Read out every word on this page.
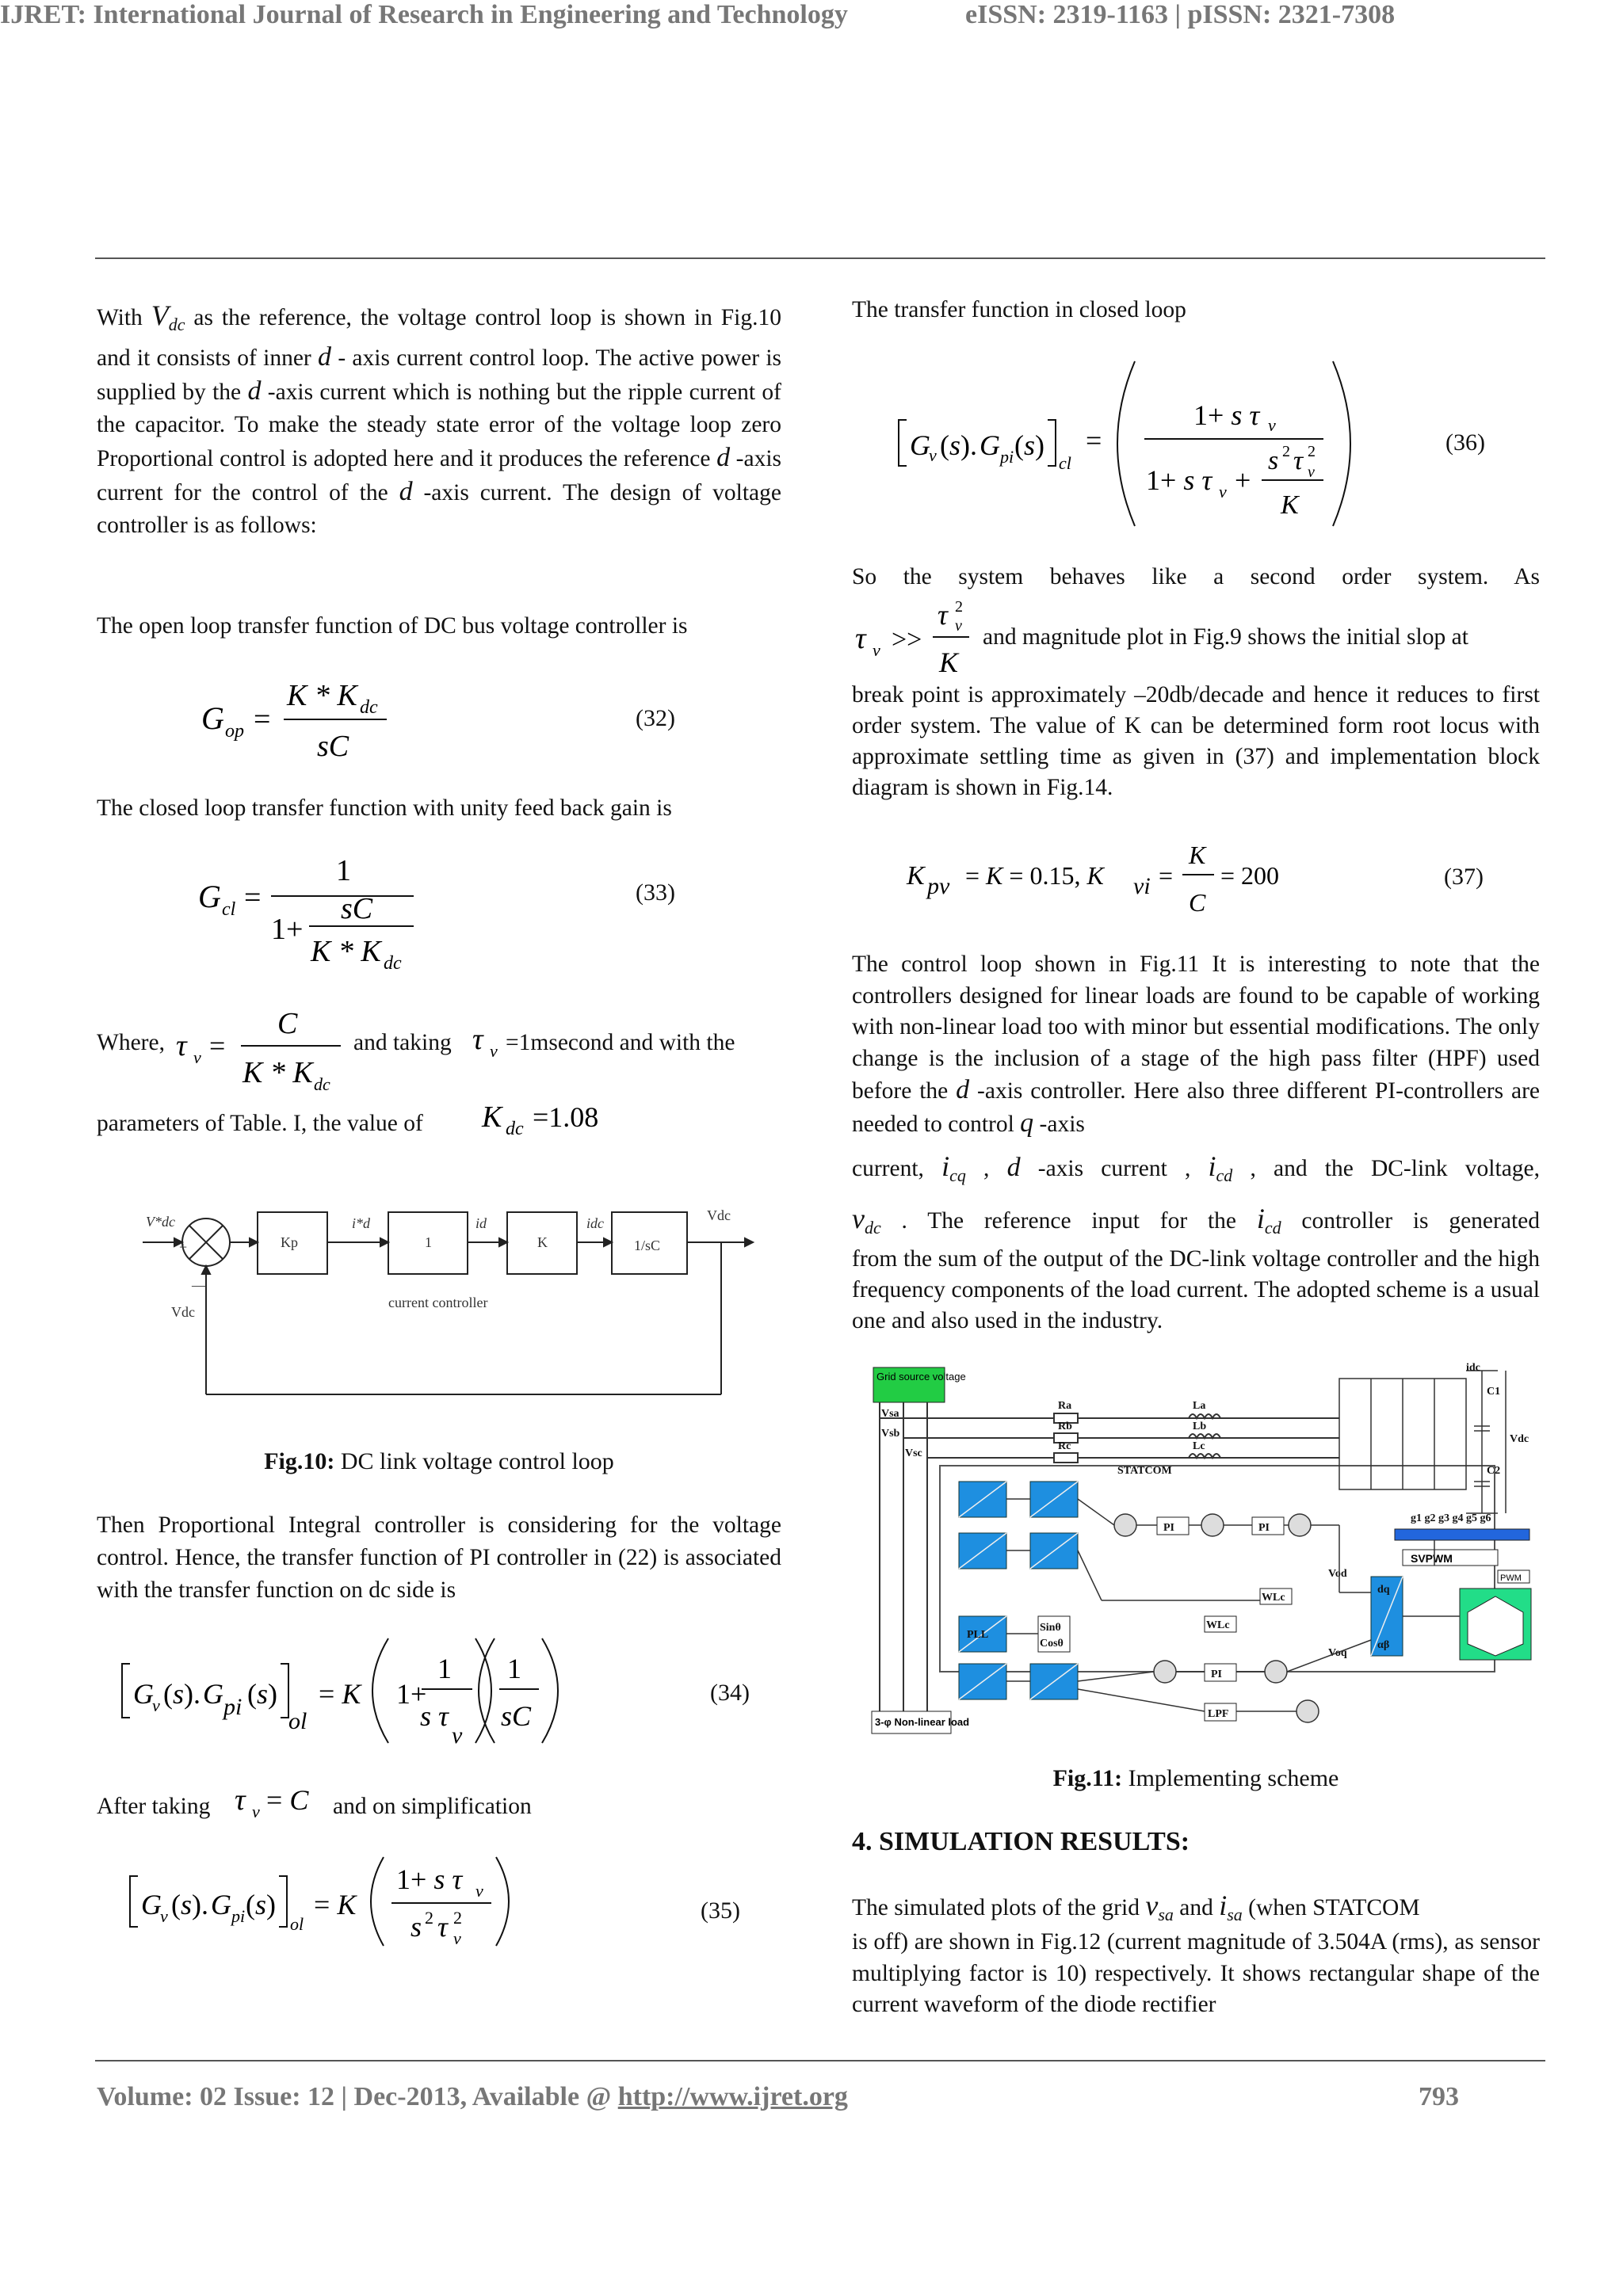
IJRET: International Journal of Research in Engineering and Technology	eISSN: 2319-1163 | pISSN: 2321-7308

With $V_{dc}$ as the reference, the voltage control loop is shown in Fig.10 and it consists of inner d - axis current control loop. The active power is supplied by the d -axis current which is nothing but the ripple current of the capacitor. To make the steady state error of the voltage loop zero Proportional control is adopted here and it produces the reference d -axis current for the control of the d -axis current. The design of voltage controller is as follows:

The open loop transfer function of DC bus voltage controller is

G op =
K * K dc
sC
(32)

The closed loop transfer function with unity feed back gain is

G cl =
1
1+
sC
K * K dc
(33)
Where, τ v =
C
K * K dc
and taking τ v =1msecond and with the
parameters of Table. I, the value of K dc =1.08
V*dc
+
—
Kp	1	K	1/sC
i*d	id	idc	Vdc
Vdc
current controller
Fig.10: DC link voltage control loop

Then Proportional Integral controller is considering for the voltage control. Hence, the transfer function of PI controller in (22) is associated with the transfer function on dc side is

G
v (s). G pi (s)
ol
= K 1+
1
s τ
v
1
sC
(34)
After taking τ v = C and on simplification
G
v (s). G pi (s)
ol
= K
1+ s τ v
s 2 τ 2
v
(35)

The transfer function in closed loop

G
v (s). G pi (s)
cl
=
1+ s τ v
1+ s τ v +
s 2 τ 2
v
K
(36)

So the system behaves like a second order system. As

τ v >>
τ 2
v
K
and magnitude plot in Fig.9 shows the initial slop at

break point is approximately –20db/decade and hence it reduces to first order system. The value of K can be determined form root locus with approximate settling time as given in (37) and implementation block diagram is shown in Fig.14.

K pv = K = 0.15, K vi =
K
C
= 200	(37)

The control loop shown in Fig.11 It is interesting to note that the controllers designed for linear loads are found to be capable of working with non-linear load too with minor but essential modifications. The only change is the inclusion of a stage of the high pass filter (HPF) used before the d -axis controller. Here also three different PI-controllers are needed to control q -axis

current, $i_{cq}$ , d -axis current , $i_{cd}$ , and the DC-link voltage,

$v_{dc}$ . The reference input for the $i_{cd}$ controller is generated

from the sum of the output of the DC-link voltage controller and the high frequency components of the load current. The adopted scheme is a usual one and also used in the industry.

Grid source voltage
Vsa
Vsb
Vsc
Ra
Rb
Rc
La
Lb
Lc
STATCOM
C1
C2
idc
Vdc
g1 g2 g3 g4 g5 g6
SVPWM
PWM
dq
αβ
PI	PI
PI
LPF
PLL
Sinθ
Cosθ
WLc
WLc
Vod
Voq
3-φ Non-linear load
Fig.11: Implementing scheme
4. SIMULATION RESULTS:
The simulated plots of the grid $v_{sa}$ and $i_{sa}$ (when STATCOM

is off) are shown in Fig.12 (current magnitude of 3.504A (rms), as sensor multiplying factor is 10) respectively. It shows rectangular shape of the current waveform of the diode rectifier

Volume: 02 Issue: 12 | Dec-2013, Available @ http://www.ijret.org	793
